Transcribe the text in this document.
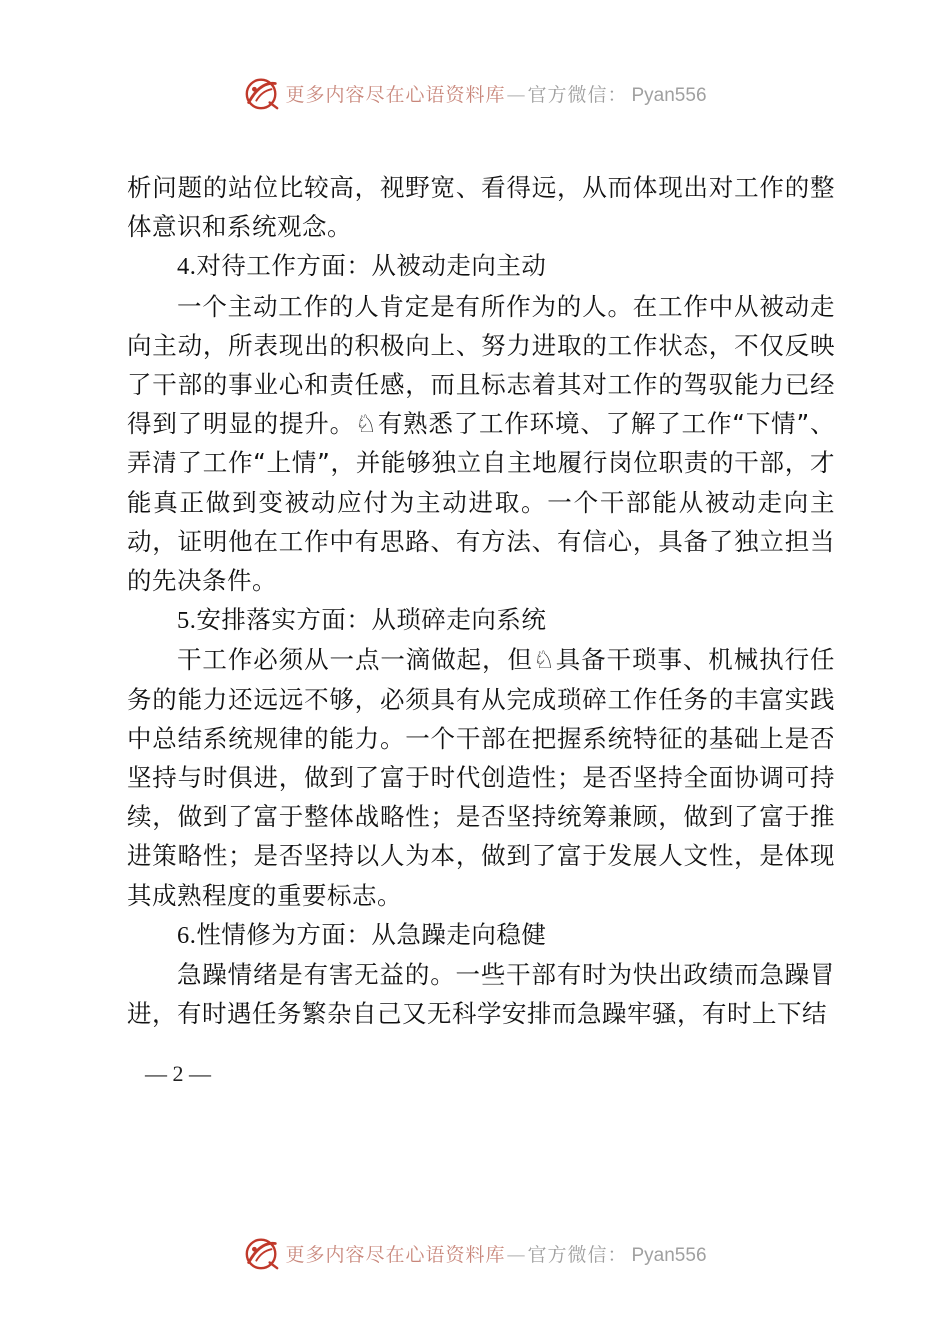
更多内容尽在心语资料库—官方微信： Pyan556

析问题的站位比较高，视野宽、看得远，从而体现出对工作的整体意识和系统观念。

4.对待工作方面：从被动走向主动

一个主动工作的人肯定是有所作为的人。在工作中从被动走向主动，所表现出的积极向上、努力进取的工作状态，不仅反映 了干部的事业心和责任感，而且标志着其对工作的驾驭能力已经得到了明显的提升。♘有熟悉了工作环境、了解了工作“下情”、弄清了工作“上情”，并能够独立自主地履行岗位职责的干部，才能真正做到变被动应付为主动进取。一个干部能从被动走向主动，证明他在工作中有思路、有方法、有信心，具备了独立担当的先决条件。

5.安排落实方面：从琐碎走向系统

干工作必须从一点一滴做起，但♘具备干琐事、机械执行任务的能力还远远不够，必须具有从完成琐碎工作任务的丰富实践中总结系统规律的能力。一个干部在把握系统特征的基础上是否坚持与时俱进，做到了富于时代创造性；是否坚持全面协调可持续，做到了富于整体战略性；是否坚持统筹兼顾，做到了富于推进策略性；是否坚持以人为本，做到了富于发展人文性，是体现其成熟程度的重要标志。

6.性情修为方面：从急躁走向稳健

急躁情绪是有害无益的。一些干部有时为快出政绩而急躁冒进，有时遇任务繁杂自己又无科学安排而急躁牢骚，有时上下结

— 2 —
更多内容尽在心语资料库—官方微信： Pyan556
